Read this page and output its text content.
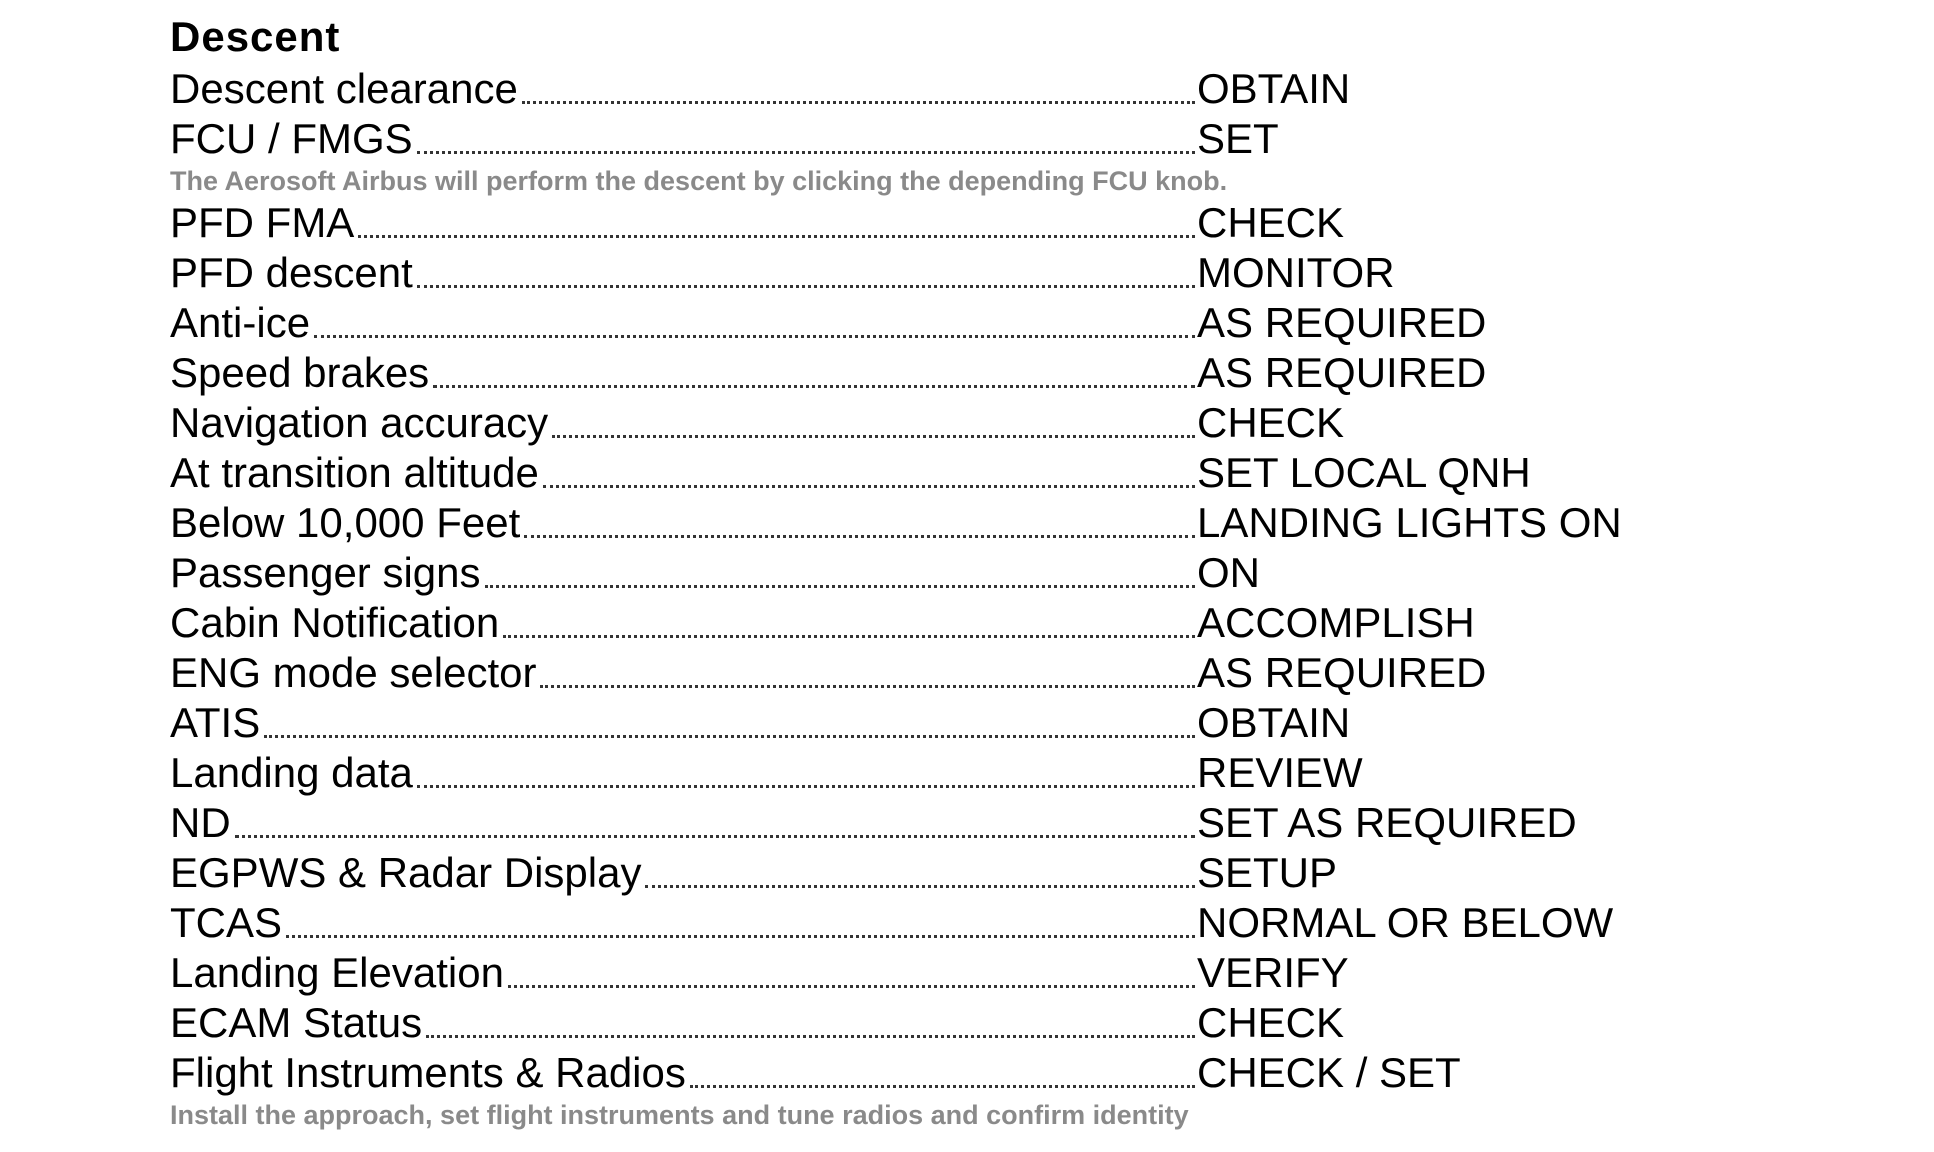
Descent
Descent clearance	OBTAIN
FCU / FMGS	SET
The Aerosoft Airbus will perform the descent by clicking the depending FCU knob.
PFD FMA	CHECK
PFD descent	MONITOR
Anti-ice	AS REQUIRED
Speed brakes	AS REQUIRED
Navigation accuracy	CHECK
At transition altitude	SET LOCAL QNH
Below 10,000 Feet	LANDING LIGHTS ON
Passenger signs	ON
Cabin Notification	ACCOMPLISH
ENG mode selector	AS REQUIRED
ATIS	OBTAIN
Landing data	REVIEW
ND	SET AS REQUIRED
EGPWS & Radar Display	SETUP
TCAS	NORMAL OR BELOW
Landing Elevation	VERIFY
ECAM Status	CHECK
Flight Instruments & Radios	CHECK / SET
Install the approach, set flight instruments and tune radios and confirm identity
